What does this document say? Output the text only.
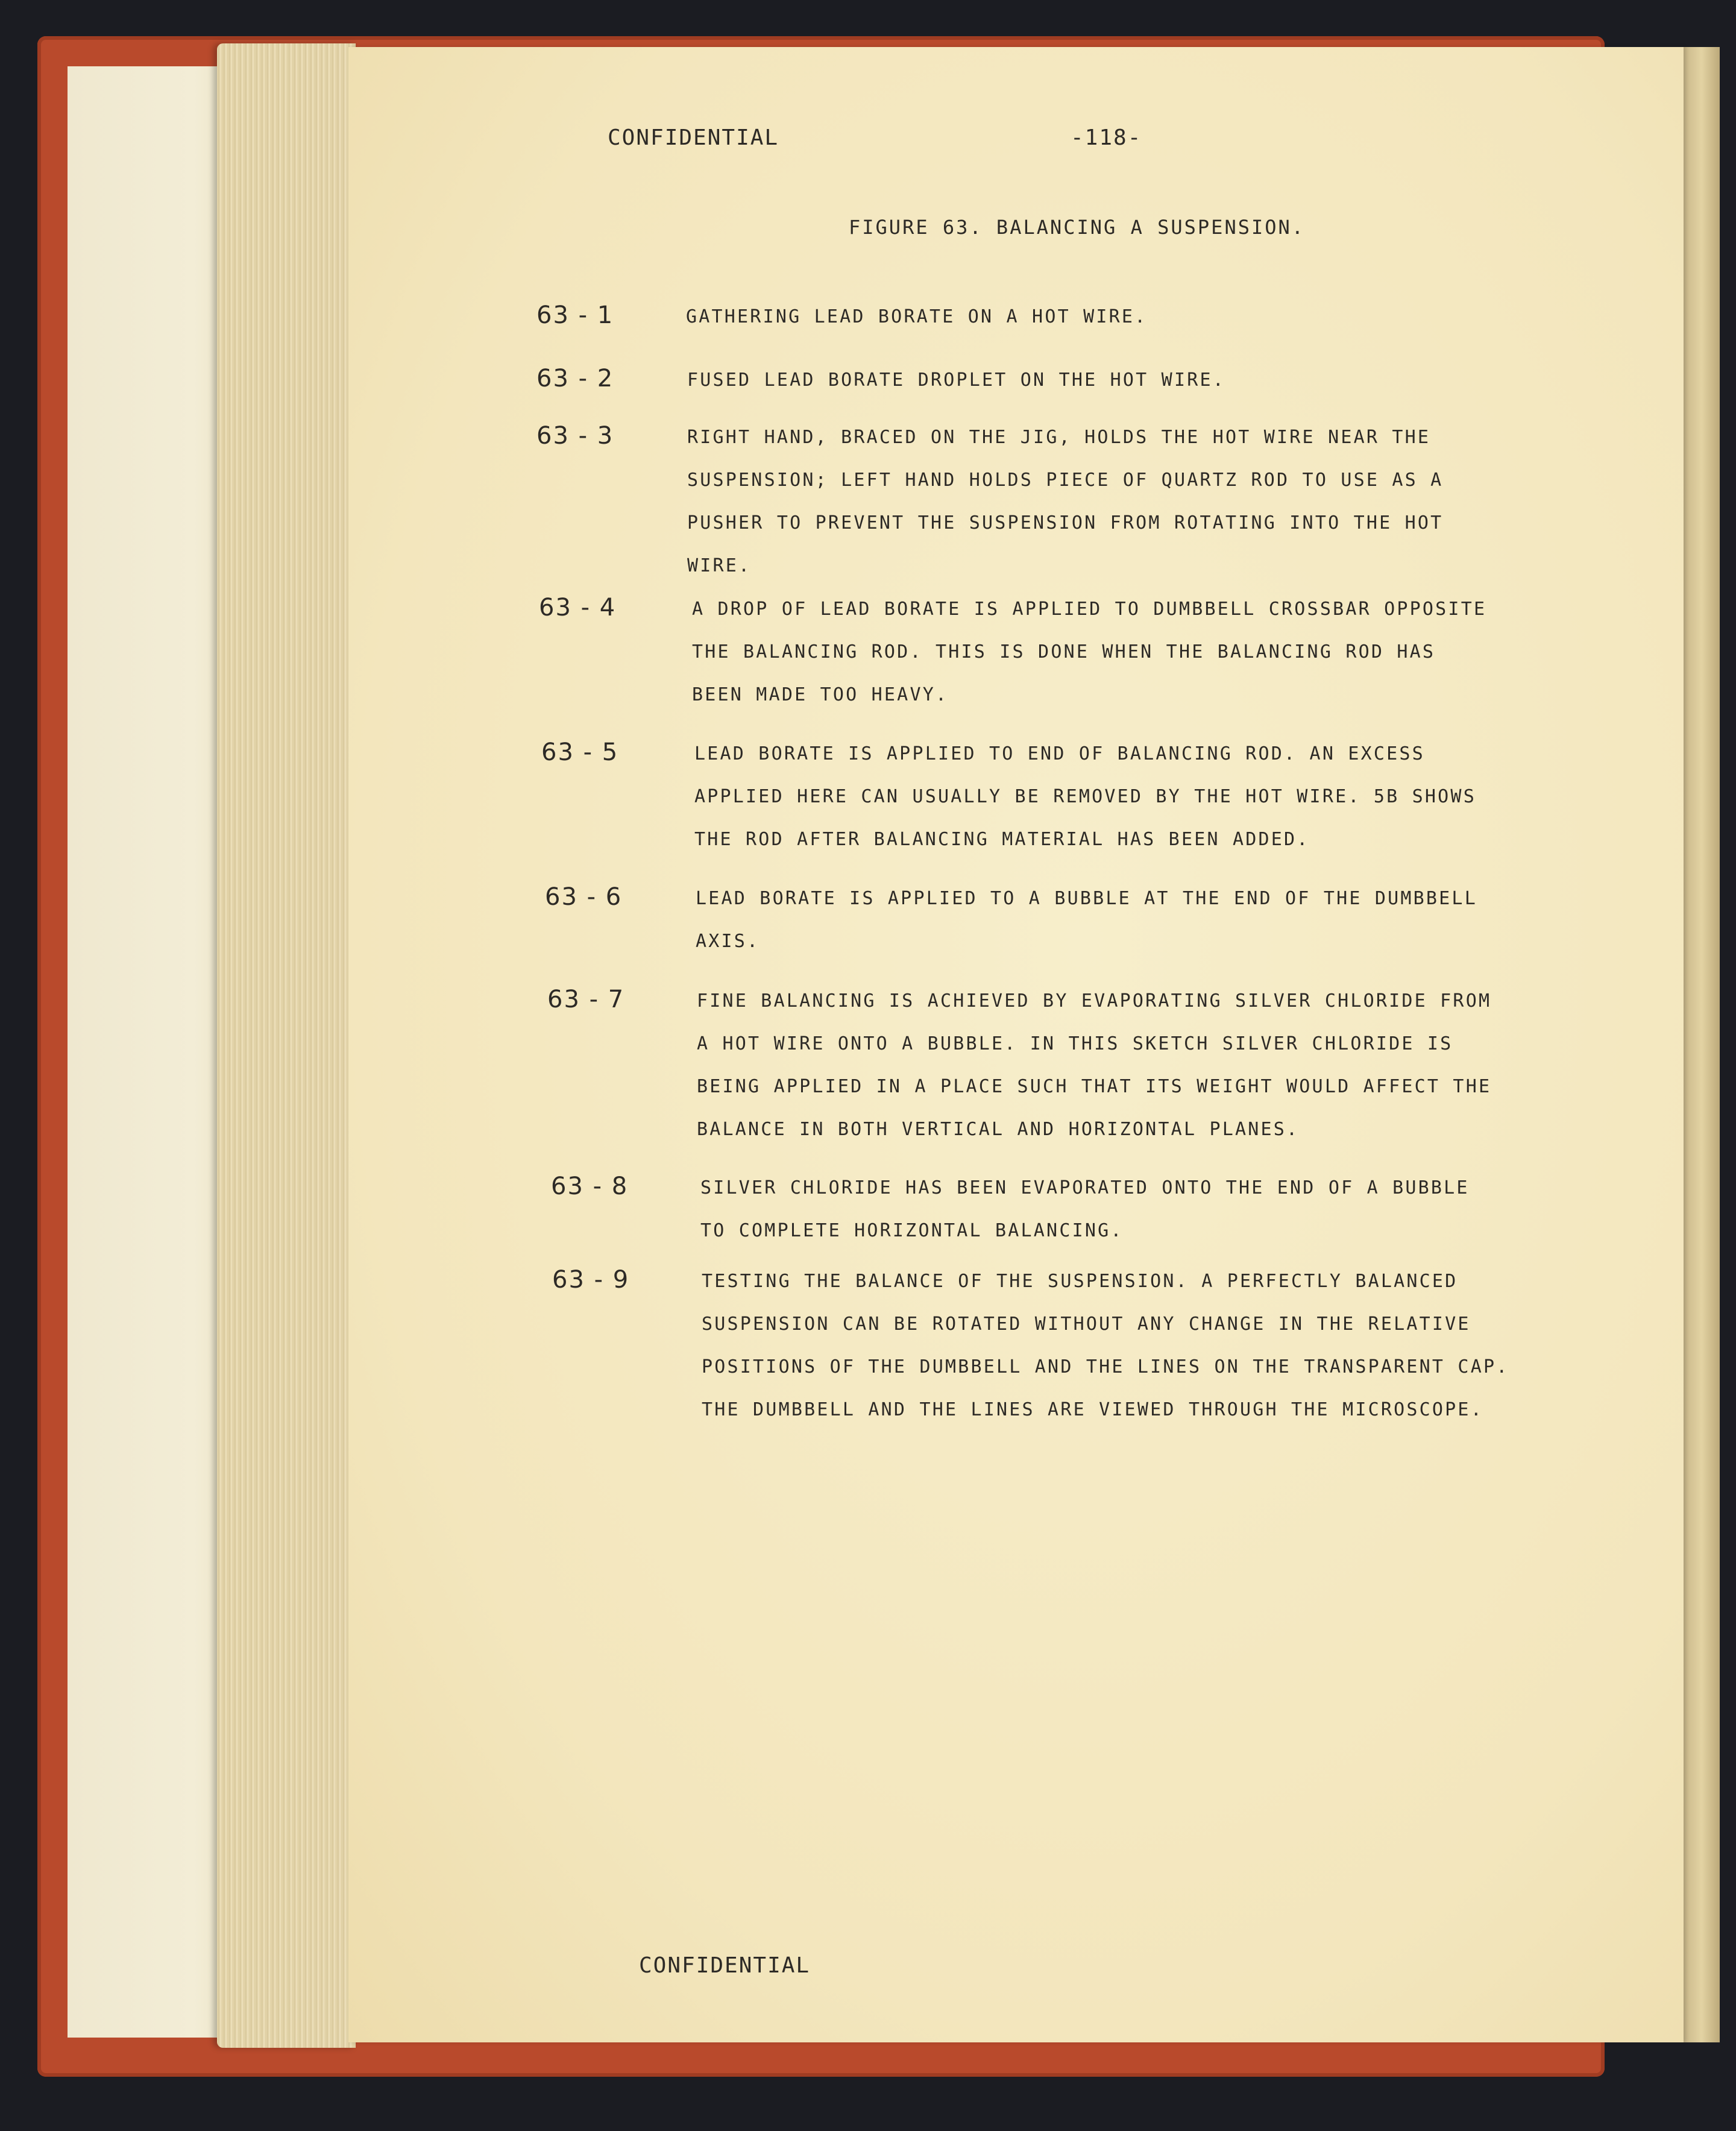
CONFIDENTIAL	-118-
FIGURE 63. BALANCING A SUSPENSION.
63 - 1	GATHERING LEAD BORATE ON A HOT WIRE.
63 - 2	FUSED LEAD BORATE DROPLET ON THE HOT WIRE.
63 - 3	RIGHT HAND, BRACED ON THE JIG, HOLDS THE HOT WIRE NEAR THE
SUSPENSION; LEFT HAND HOLDS PIECE OF QUARTZ ROD TO USE AS A
PUSHER TO PREVENT THE SUSPENSION FROM ROTATING INTO THE HOT
WIRE.
63 - 4	A DROP OF LEAD BORATE IS APPLIED TO DUMBBELL CROSSBAR OPPOSITE
THE BALANCING ROD. THIS IS DONE WHEN THE BALANCING ROD HAS
BEEN MADE TOO HEAVY.
63 - 5	LEAD BORATE IS APPLIED TO END OF BALANCING ROD. AN EXCESS
APPLIED HERE CAN USUALLY BE REMOVED BY THE HOT WIRE. 5B SHOWS
THE ROD AFTER BALANCING MATERIAL HAS BEEN ADDED.
63 - 6	LEAD BORATE IS APPLIED TO A BUBBLE AT THE END OF THE DUMBBELL
AXIS.
63 - 7	FINE BALANCING IS ACHIEVED BY EVAPORATING SILVER CHLORIDE FROM
A HOT WIRE ONTO A BUBBLE. IN THIS SKETCH SILVER CHLORIDE IS
BEING APPLIED IN A PLACE SUCH THAT ITS WEIGHT WOULD AFFECT THE
BALANCE IN BOTH VERTICAL AND HORIZONTAL PLANES.
63 - 8	SILVER CHLORIDE HAS BEEN EVAPORATED ONTO THE END OF A BUBBLE
TO COMPLETE HORIZONTAL BALANCING.
63 - 9	TESTING THE BALANCE OF THE SUSPENSION. A PERFECTLY BALANCED
SUSPENSION CAN BE ROTATED WITHOUT ANY CHANGE IN THE RELATIVE
POSITIONS OF THE DUMBBELL AND THE LINES ON THE TRANSPARENT CAP.
THE DUMBBELL AND THE LINES ARE VIEWED THROUGH THE MICROSCOPE.
CONFIDENTIAL
